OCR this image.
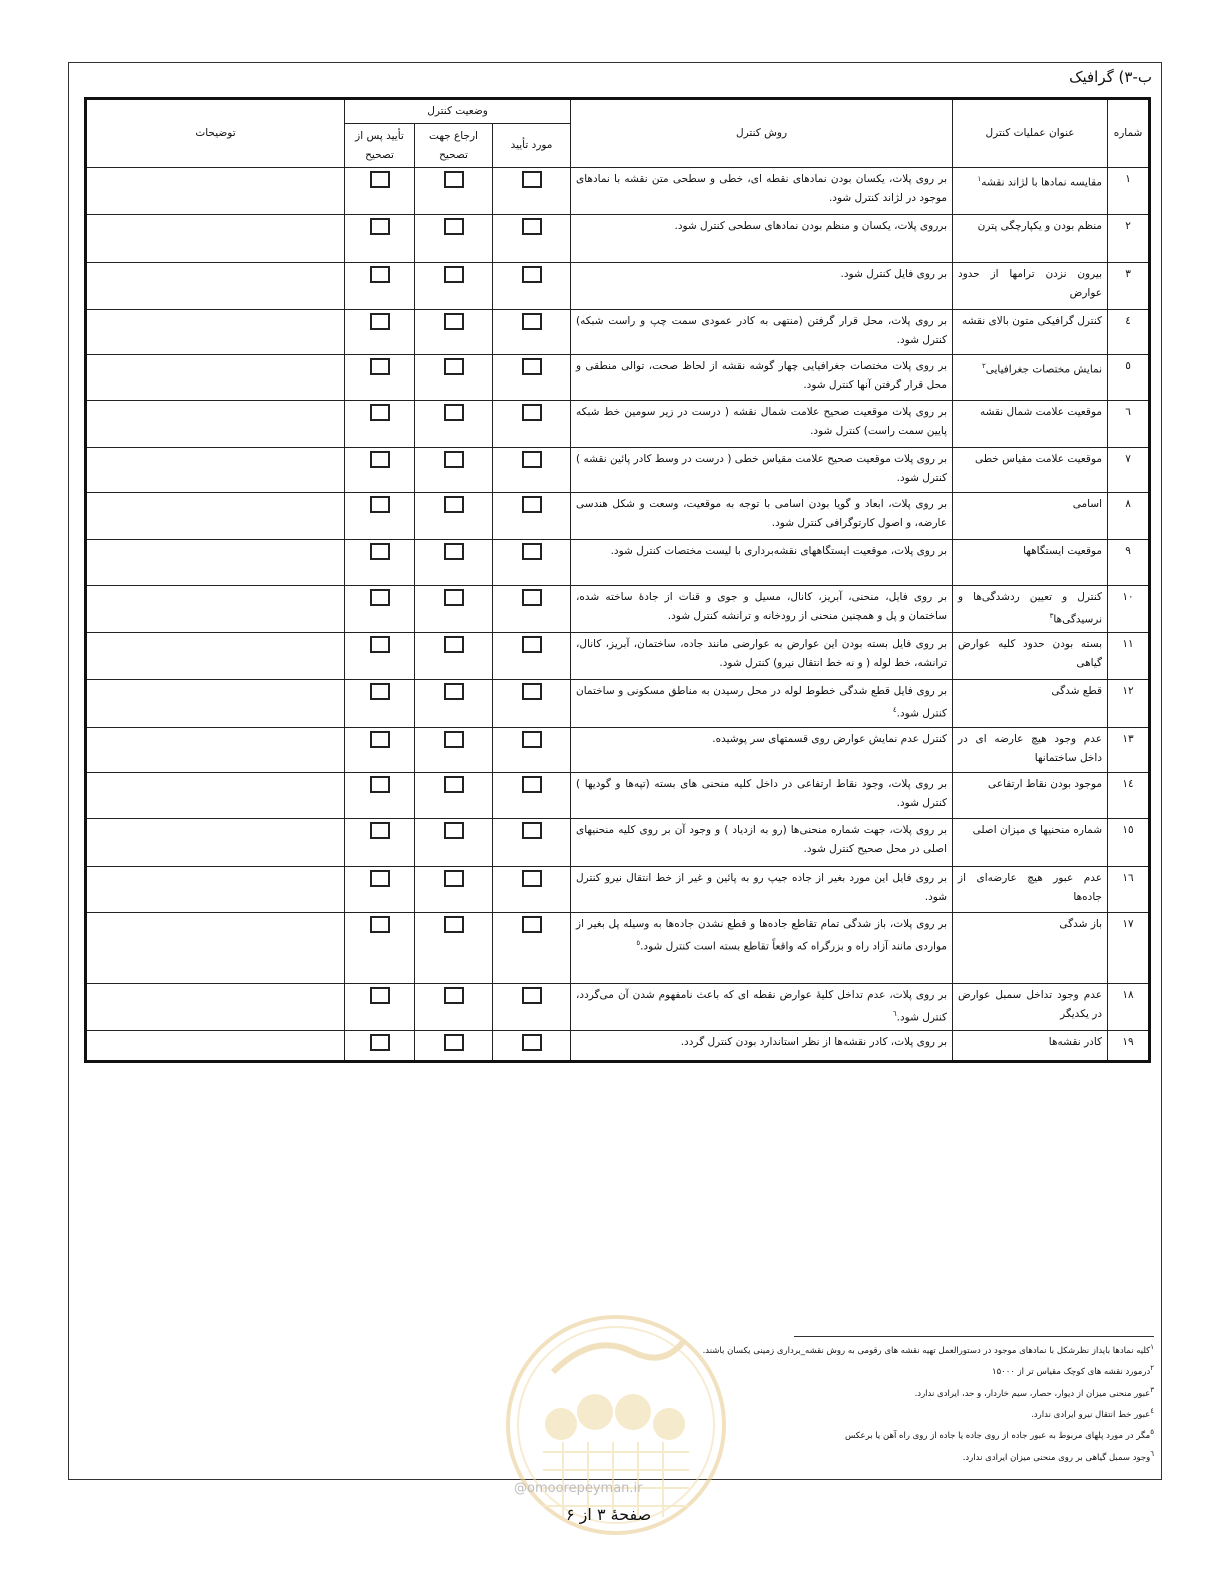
ب-۳) گرافیک
شماره	عنوان عملیات کنترل	روش کنترل	وضعیت کنترل			توضیحات
			مورد تأیید	ارجاع جهت تصحیح	تأیید پس از تصحیح	
۱	مقایسه نمادها با لژاند نقشه$^۱$	بر روی پلات، یکسان بودن نمادهای نقطه ای، خطی و سطحی متن نقشه با نمادهای موجود در لژاند کنترل شود.				
۲	منظم بودن و یکپارچگی پترن	برروی پلات، یکسان و منظم بودن نمادهای سطحی کنترل شود.				
۳	بیرون نزدن ترامها از حدود عوارض	بر روی فایل کنترل شود.				
٤	کنترل گرافیکی متون بالای نقشه	بر روی پلات، محل قرار گرفتن (منتهی به کادر عمودی سمت چپ و راست شبکه) کنترل شود.				
٥	نمایش مختصات جغرافیایی$^۲$	بر روی پلات مختصات جغرافیایی چهار گوشه نقشه از لحاظ صحت، توالی منطقی و محل قرار گرفتن آنها کنترل شود.				
٦	موقعیت علامت شمال نقشه	بر روی پلات موقعیت صحیح علامت شمال نقشه ( درست در زیر سومین خط شبکه پایین سمت راست) کنترل شود.				
۷	موقعیت علامت مقیاس خطی	بر روی پلات موقعیت صحیح علامت مقیاس خطی ( درست در وسط کادر پائین نقشه ) کنترل شود.				
۸	اسامی	بر روی پلات، ابعاد و گویا بودن اسامی با توجه به موقعیت، وسعت و شکل هندسی عارضه، و اصول کارتوگرافی کنترل شود.				
۹	موقعیت ایستگاهها	بر روی پلات، موقعیت ایستگاههای نقشه‌برداری با لیست مختصات کنترل شود.				
۱۰	کنترل و تعیین ردشدگی‌ها و نرسیدگی‌ها$^۳$	بر روی فایل، منحنی، آبریز، کانال، مسیل و جوی و قنات از جادۀ ساخته شده، ساختمان و پل و همچنین منحنی از رودخانه و ترانشه کنترل شود.				
۱۱	بسته بودن حدود کلیه عوارض گیاهی	بر روی فایل بسته بودن این عوارض به عوارضی مانند جاده، ساختمان، آبریز، کانال، ترانشه، خط لوله ( و نه خط انتقال نیرو) کنترل شود.				
۱۲	قطع شدگی	بر روی فایل قطع شدگی خطوط لوله در محل رسیدن به مناطق مسکونی و ساختمان کنترل شود.$^٤$				
۱۳	عدم وجود هیچ عارضه ای در داخل ساختمانها	کنترل عدم نمایش عوارض روی قسمتهای سر پوشیده.				
۱٤	موجود بودن نقاط ارتفاعی	بر روی پلات، وجود نقاط ارتفاعی در داخل کلیه منحنی های بسته (تپه‌ها و گودیها ) کنترل شود.				
۱٥	شماره منحنیها ی میزان اصلی	بر روی پلات، جهت شماره منحنی‌ها (رو به ازدیاد ) و وجود آن بر روی کلیه منحنیهای اصلی در محل صحیح کنترل شود.				
۱٦	عدم عبور هیچ عارضه‌ای از جاده‌ها	بر روی فایل این مورد بغیر از جاده جیپ رو به پائین و غیر از خط انتقال نیرو کنترل شود.				
۱۷	باز شدگی	بر روی پلات، باز شدگی تمام تقاطع جاده‌ها و قطع نشدن جاده‌ها به وسیله پل بغیر از مواردی مانند آزاد راه و بزرگراه که واقعاً تقاطع بسته است کنترل شود.$^٥$				
۱۸	عدم وجود تداخل سمبل عوارض در یکدیگر	بر روی پلات، عدم تداخل کلیۀ عوارض نقطه ای که باعث نامفهوم شدن آن می‌گردد، کنترل شود.$^٦$				
۱۹	کادر نقشه‌ها	بر روی پلات، کادر نقشه‌ها از نظر استاندارد بودن کنترل گردد.				
$^۱$کلیه نمادها بایداز نظرشکل با نمادهای موجود در دستورالعمل تهیه نقشه های رقومی به روش نقشه_برداری زمینی یکسان باشند.
$^۲$درمورد نقشه های کوچک مقیاس تر از ۱۵۰۰۰
$^۳$عبور منحنی میزان از دیوار، حصار، سیم خاردار، و حد، ایرادی ندارد.
$^٤$عبور خط انتقال نیرو ایرادی ندارد.
$^٥$مگر در مورد پلهای مربوط به عبور جاده از روی جاده یا جاده از روی راه آهن یا برعکس
$^٦$وجود سمبل گیاهی بر روی منحنی میزان ایرادی ندارد.
@omoorepeyman.ir
صفحۀ ۳ از ۶
